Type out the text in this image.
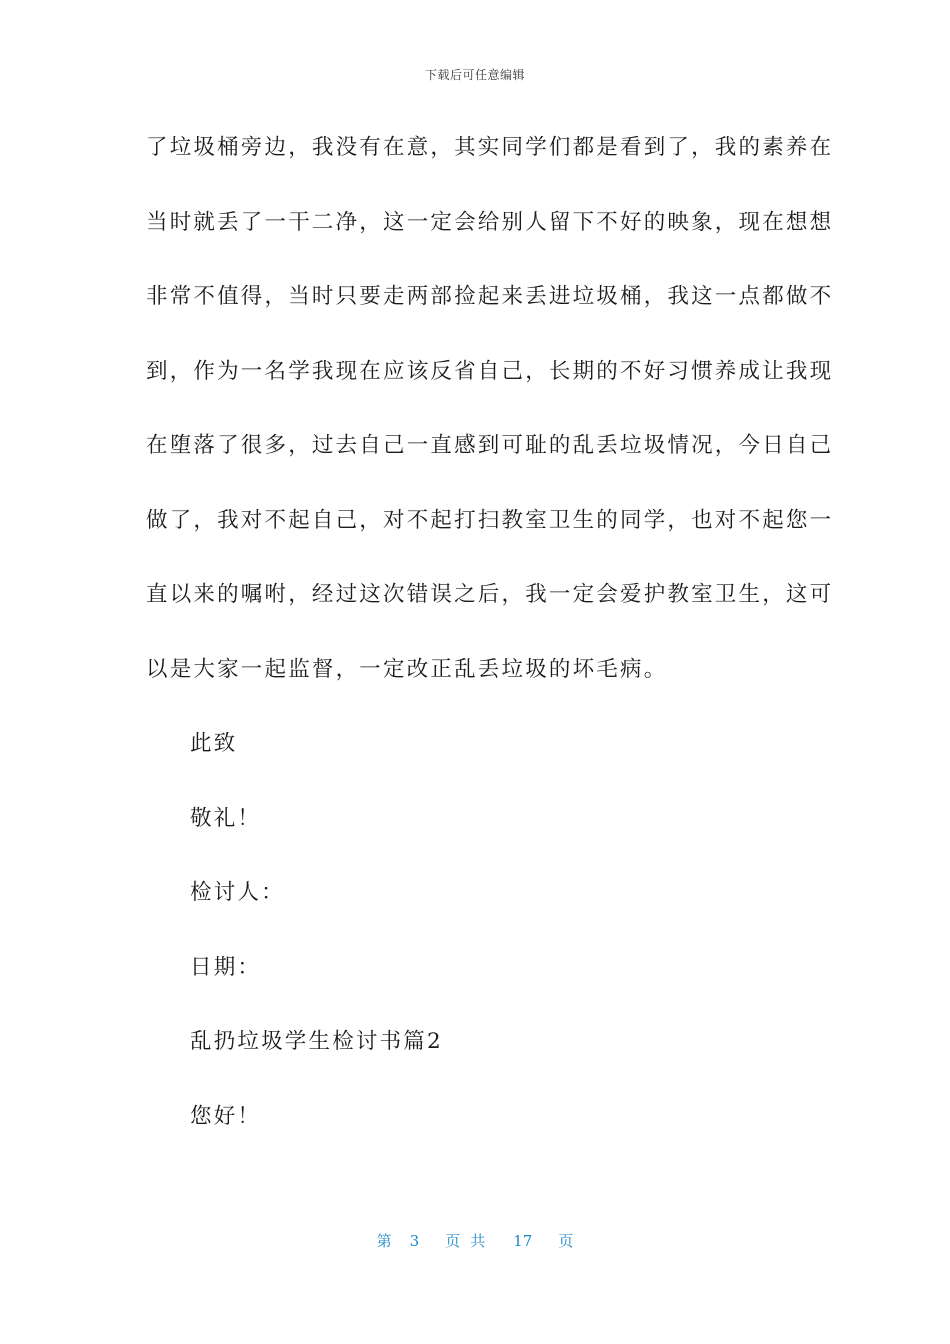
下载后可任意编辑
了垃圾桶旁边，我没有在意，其实同学们都是看到了，我的素养在
当时就丢了一干二净，这一定会给别人留下不好的映象，现在想想
非常不值得，当时只要走两部捡起来丢进垃圾桶，我这一点都做不
到，作为一名学我现在应该反省自己，长期的不好习惯养成让我现
在堕落了很多，过去自己一直感到可耻的乱丢垃圾情况，今日自己
做了，我对不起自己，对不起打扫教室卫生的同学，也对不起您一
直以来的嘱咐，经过这次错误之后，我一定会爱护教室卫生，这可
以是大家一起监督，一定改正乱丢垃圾的坏毛病。
此致
敬礼！
检讨人：
日期：
乱扔垃圾学生检讨书篇2
您好！
第 3 页共 17 页
